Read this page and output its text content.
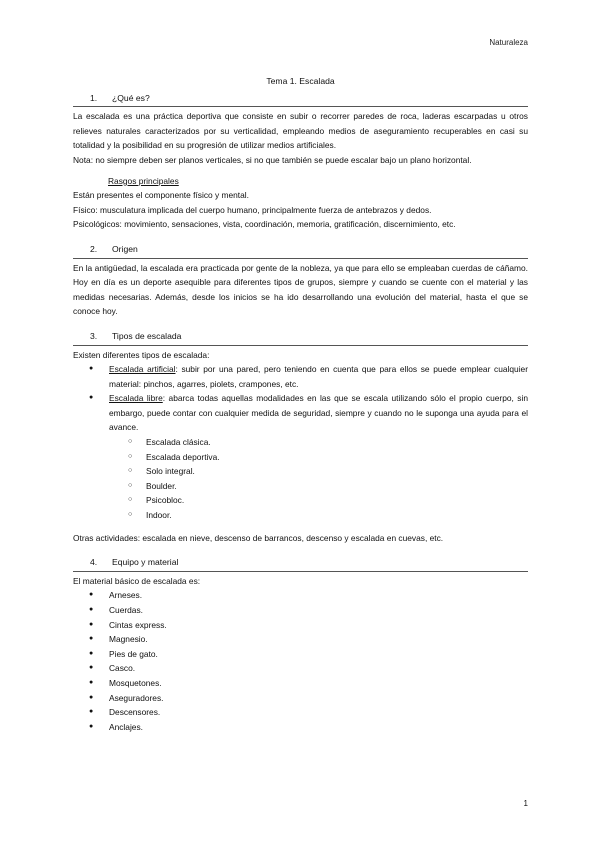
Naturaleza
Tema 1. Escalada
1.	¿Qué es?

La escalada es una práctica deportiva que consiste en subir o recorrer paredes de roca, laderas escarpadas u otros relieves naturales caracterizados por su verticalidad, empleando medios de aseguramiento recuperables en casi su totalidad y la posibilidad en su progresión de utilizar medios artificiales.

Nota: no siempre deben ser planos verticales, si no que también se puede escalar bajo un plano horizontal.

Rasgos principales
Están presentes el componente físico y mental.
Físico: musculatura implicada del cuerpo humano, principalmente fuerza de antebrazos y dedos.
Psicológicos: movimiento, sensaciones, vista, coordinación, memoria, gratificación, discernimiento, etc.
2.	Origen

En la antigüedad, la escalada era practicada por gente de la nobleza, ya que para ello se empleaban cuerdas de cáñamo. Hoy en día es un deporte asequible para diferentes tipos de grupos, siempre y cuando se cuente con el material y las medidas necesarias. Además, desde los inicios se ha ido desarrollando una evolución del material, hasta el que se conoce hoy.

3.	Tipos de escalada
Existen diferentes tipos de escalada:
● Escalada artificial: subir por una pared, pero teniendo en cuenta que para ellos se puede emplear cualquier material: pinchos, agarres, piolets, crampones, etc.
● Escalada libre: abarca todas aquellas modalidades en las que se escala utilizando sólo el propio cuerpo, sin embargo, puede contar con cualquier medida de seguridad, siempre y cuando no le suponga una ayuda para el avance.
○ Escalada clásica.
○ Escalada deportiva.
○ Solo integral.
○ Boulder.
○ Psicobloc.
○ Indoor.
Otras actividades: escalada en nieve, descenso de barrancos, descenso y escalada en cuevas, etc.
4.	Equipo y material
El material básico de escalada es:
● Arneses.
● Cuerdas.
● Cintas express.
● Magnesio.
● Pies de gato.
● Casco.
● Mosquetones.
● Aseguradores.
● Descensores.
● Anclajes.
1
